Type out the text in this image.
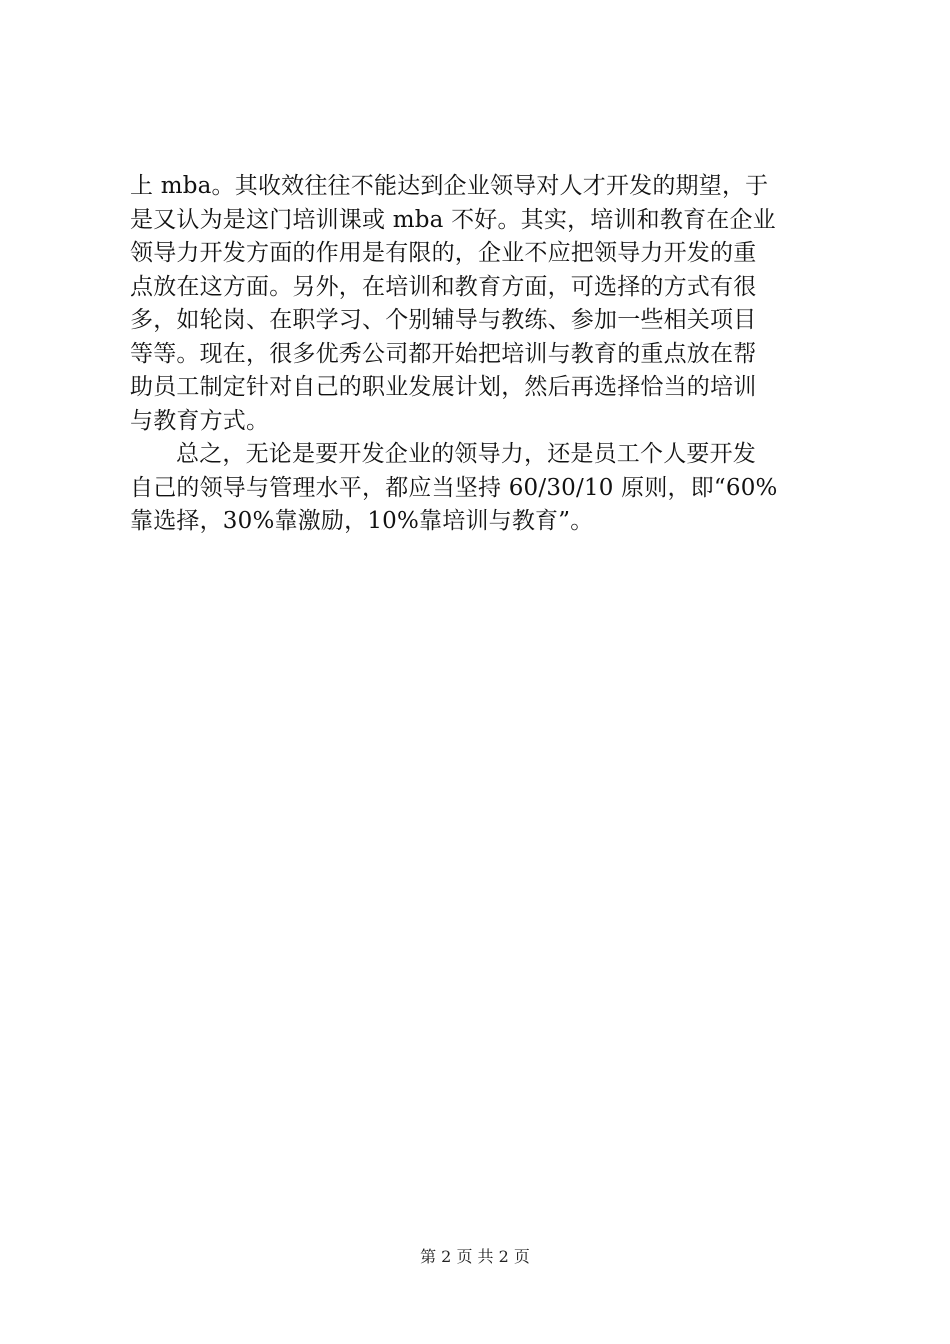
上 mba。其收效往往不能达到企业领导对人才开发的期望，于
是又认为是这门培训课或 mba 不好。其实，培训和教育在企业
领导力开发方面的作用是有限的，企业不应把领导力开发的重
点放在这方面。另外，在培训和教育方面，可选择的方式有很
多，如轮岗、在职学习、个别辅导与教练、参加一些相关项目
等等。现在，很多优秀公司都开始把培训与教育的重点放在帮
助员工制定针对自己的职业发展计划，然后再选择恰当的培训
与教育方式。
总之，无论是要开发企业的领导力，还是员工个人要开发
自己的领导与管理水平，都应当坚持 60/30/10 原则，即“60%
靠选择，30%靠激励，10%靠培训与教育”。
第 2 页 共 2 页
